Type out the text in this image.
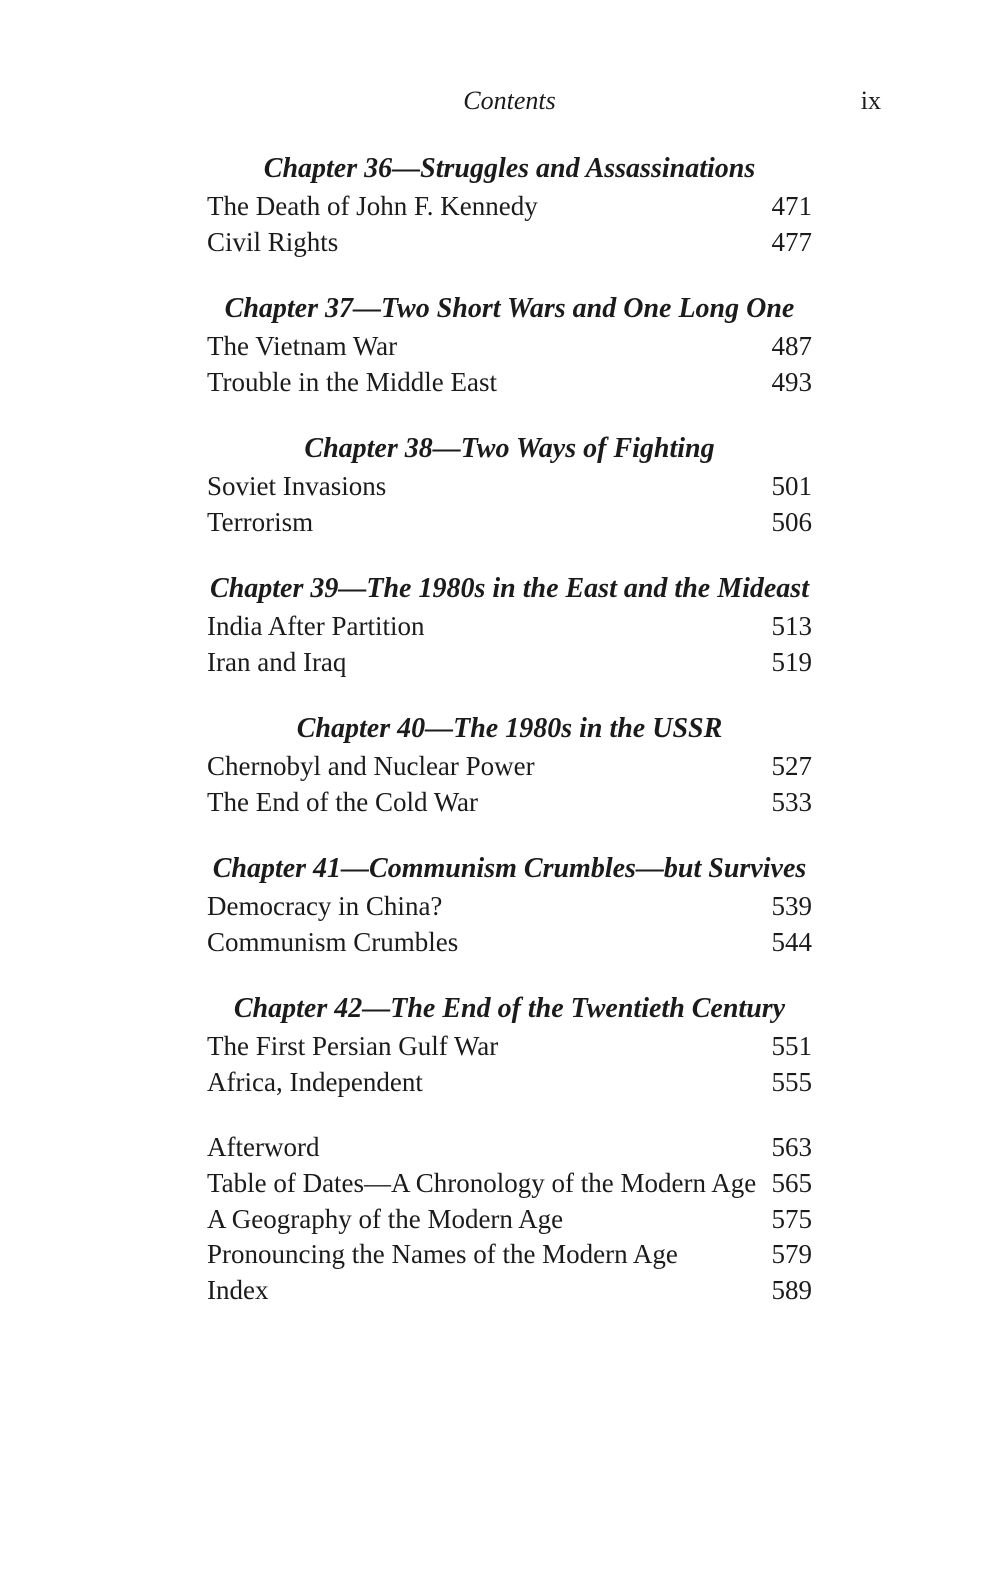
Contents	ix
Chapter 36—Struggles and Assassinations
The Death of John F. Kennedy	471
Civil Rights	477
Chapter 37—Two Short Wars and One Long One
The Vietnam War	487
Trouble in the Middle East	493
Chapter 38—Two Ways of Fighting
Soviet Invasions	501
Terrorism	506
Chapter 39—The 1980s in the East and the Mideast
India After Partition	513
Iran and Iraq	519
Chapter 40—The 1980s in the USSR
Chernobyl and Nuclear Power	527
The End of the Cold War	533
Chapter 41—Communism Crumbles—but Survives
Democracy in China?	539
Communism Crumbles	544
Chapter 42—The End of the Twentieth Century
The First Persian Gulf War	551
Africa, Independent	555
Afterword	563
Table of Dates—A Chronology of the Modern Age 565
A Geography of the Modern Age	575
Pronouncing the Names of the Modern Age	579
Index	589
